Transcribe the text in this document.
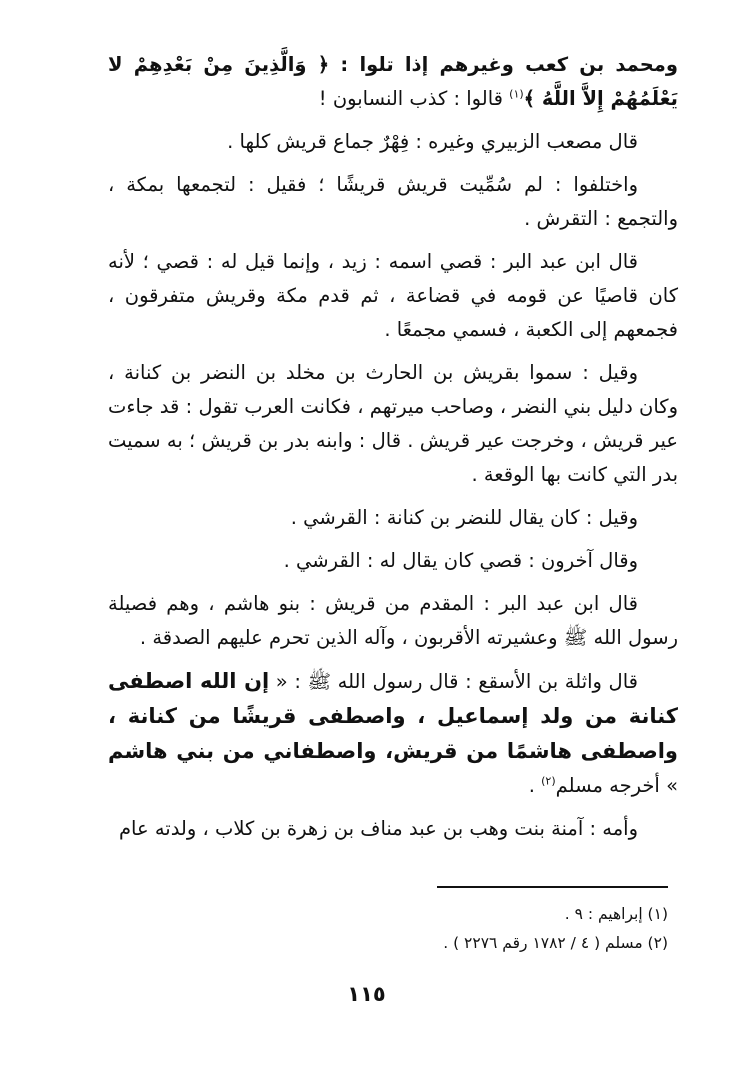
ومحمد بن كعب وغيرهم إذا تلوا : ﴿ وَالَّذِينَ مِنْ بَعْدِهِمْ لا يَعْلَمُهُمْ إِلاَّ اللَّهُ ﴾$^{(١)}$ قالوا : كذب النسابون !

قال مصعب الزبيري وغيره : فِهْرٌ جماع قريش كلها .

واختلفوا : لم سُمِّيت قريش قريشًا ؛ فقيل : لتجمعها بمكة ، والتجمع : التقرش .

قال ابن عبد البر : قصي اسمه : زيد ، وإنما قيل له : قصي ؛ لأنه كان قاصيًا عن قومه في قضاعة ، ثم قدم مكة وقريش متفرقون ، فجمعهم إلى الكعبة ، فسمي مجمعًا .

وقيل : سموا بقريش بن الحارث بن مخلد بن النضر بن كنانة ، وكان دليل بني النضر ، وصاحب ميرتهم ، فكانت العرب تقول : قد جاءت عير قريش ، وخرجت عير قريش . قال : وابنه بدر بن قريش ؛ به سميت بدر التي كانت بها الوقعة .

وقيل : كان يقال للنضر بن كنانة : القرشي .

وقال آخرون : قصي كان يقال له : القرشي .

قال ابن عبد البر : المقدم من قريش : بنو هاشم ، وهم فصيلة رسول الله ﷺ وعشيرته الأقربون ، وآله الذين تحرم عليهم الصدقة .

قال واثلة بن الأسقع : قال رسول الله ﷺ : « إن الله اصطفى كنانة من ولد إسماعيل ، واصطفى قريشًا من كنانة ، واصطفى هاشمًا من قريش، واصطفاني من بني هاشم » أخرجه مسلم$^{(٢)}$ .

وأمه : آمنة بنت وهب بن عبد مناف بن زهرة بن كلاب ، ولدته عام

(١) إبراهيم : ٩ .
(٢) مسلم ( ٤ / ١٧٨٢ رقم ٢٢٧٦ ) .
١١٥
